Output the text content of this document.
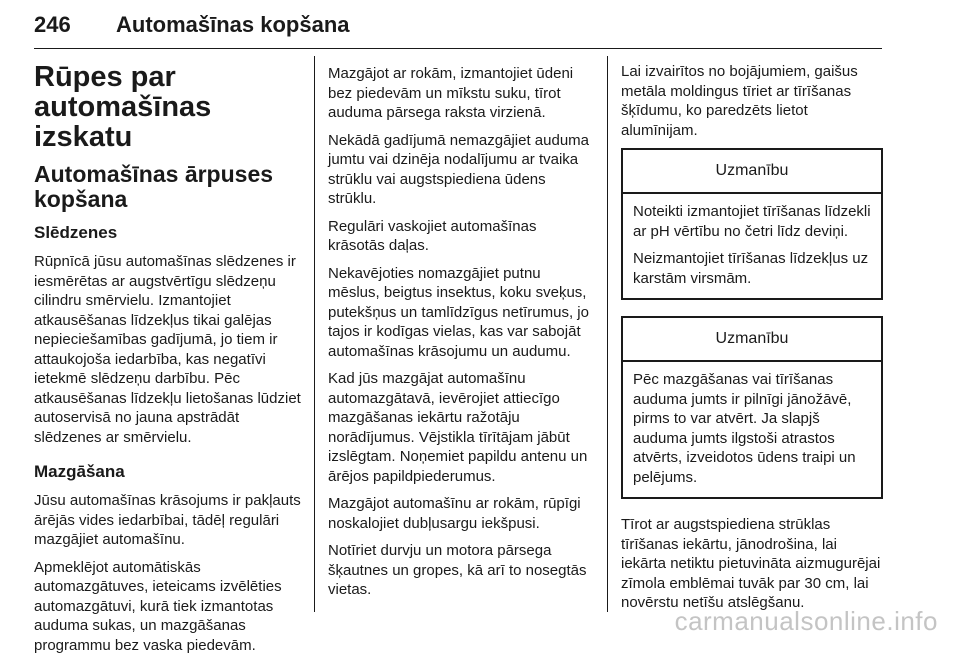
246 Automašīnas kopšana
Rūpes par automašīnas izskatu
Automašīnas ārpuses kopšana
Slēdzenes

Rūpnīcā jūsu automašīnas slēdzenes ir iesmērētas ar augstvērtīgu slēdzeņu cilindru smērvielu. Izmantojiet atkausēšanas līdzekļus tikai galējas nepieciešamības gadījumā, jo tiem ir attaukojoša iedarbība, kas negatīvi ietekmē slēdzeņu darbību. Pēc atkausēšanas līdzekļu lietošanas lūdziet autoservisā no jauna apstrādāt slēdzenes ar smērvielu.

Mazgāšana

Jūsu automašīnas krāsojums ir pakļauts ārējās vides iedarbībai, tādēļ regulāri mazgājiet automašīnu.

Apmeklējot automātiskās automazgātuves, ieteicams izvēlēties automazgātuvi, kurā tiek izmantotas auduma sukas, un mazgāšanas programmu bez vaska piedevām.

Mazgājot ar rokām, izmantojiet ūdeni bez piedevām un mīkstu suku, tīrot auduma pārsega raksta virzienā.

Nekādā gadījumā nemazgājiet auduma jumtu vai dzinēja nodalījumu ar tvaika strūklu vai augstspiediena ūdens strūklu.

Regulāri vaskojiet automašīnas krāsotās daļas.

Nekavējoties nomazgājiet putnu mēslus, beigtus insektus, koku sveķus, putekšņus un tamlīdzīgus netīrumus, jo tajos ir kodīgas vielas, kas var sabojāt automašīnas krāsojumu un audumu.

Kad jūs mazgājat automašīnu automazgātavā, ievērojiet attiecīgo mazgāšanas iekārtu ražotāju norādījumus. Vējstikla tīrītājam jābūt izslēgtam. Noņemiet papildu antenu un ārējos papildpiederumus.

Mazgājot automašīnu ar rokām, rūpīgi noskalojiet dubļusargu iekšpusi.

Notīriet durvju un motora pārsega šķautnes un gropes, kā arī to nosegtās vietas.

Lai izvairītos no bojājumiem, gaišus metāla moldingus tīriet ar tīrīšanas šķīdumu, ko paredzēts lietot alumīnijam.

Uzmanību

Noteikti izmantojiet tīrīšanas līdzekli ar pH vērtību no četri līdz deviņi.

Neizmantojiet tīrīšanas līdzekļus uz karstām virsmām.

Uzmanību

Pēc mazgāšanas vai tīrīšanas auduma jumts ir pilnīgi jānožāvē, pirms to var atvērt. Ja slapjš auduma jumts ilgstoši atrastos atvērts, izveidotos ūdens traipi un pelējums.

Tīrot ar augstspiediena strūklas tīrīšanas iekārtu, jānodrošina, lai iekārta netiktu pietuvināta aizmugurējai zīmola emblēmai tuvāk par 30 cm, lai novērstu netīšu atslēgšanu.

carmanualsonline.info
